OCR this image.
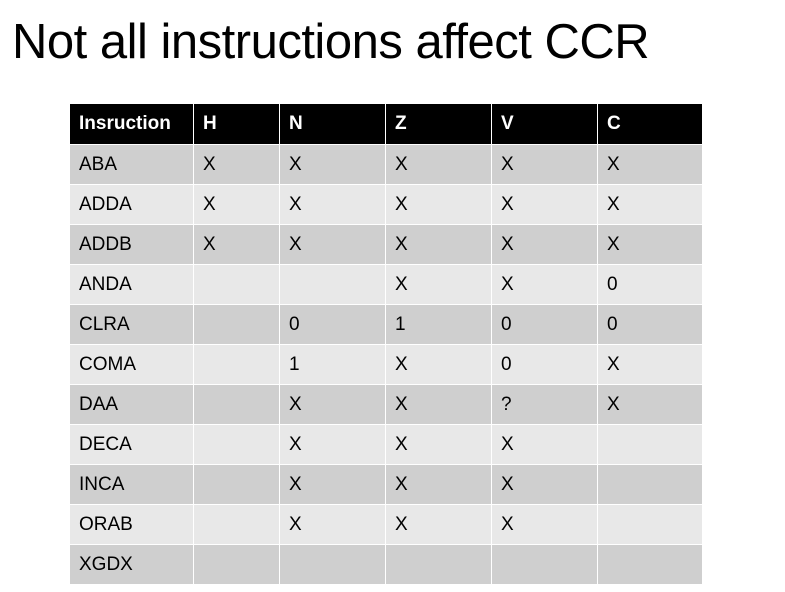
Not all instructions affect CCR
Insruction	H	N	Z	V	C
ABA	X	X	X	X	X
ADDA	X	X	X	X	X
ADDB	X	X	X	X	X
ANDA			X	X	0
CLRA		0	1	0	0
COMA		1	X	0	X
DAA		X	X	?	X
DECA		X	X	X	
INCA		X	X	X	
ORAB		X	X	X	
XGDX					
